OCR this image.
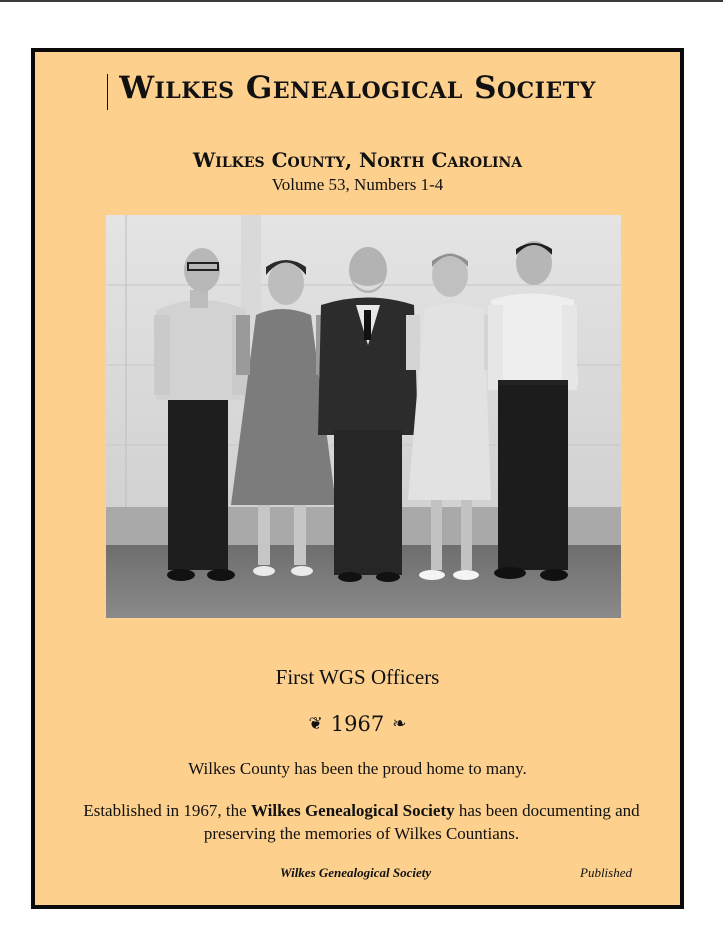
Wilkes Genealogical Society
Wilkes County, North Carolina
Volume 53, Numbers 1-4
First WGS Officers
❦ 1967 ❧
Wilkes County has been the proud home to many.
Established in 1967, the Wilkes Genealogical Society has been documenting and preserving the memories of Wilkes Countians.
Wilkes Genealogical Society	Published
